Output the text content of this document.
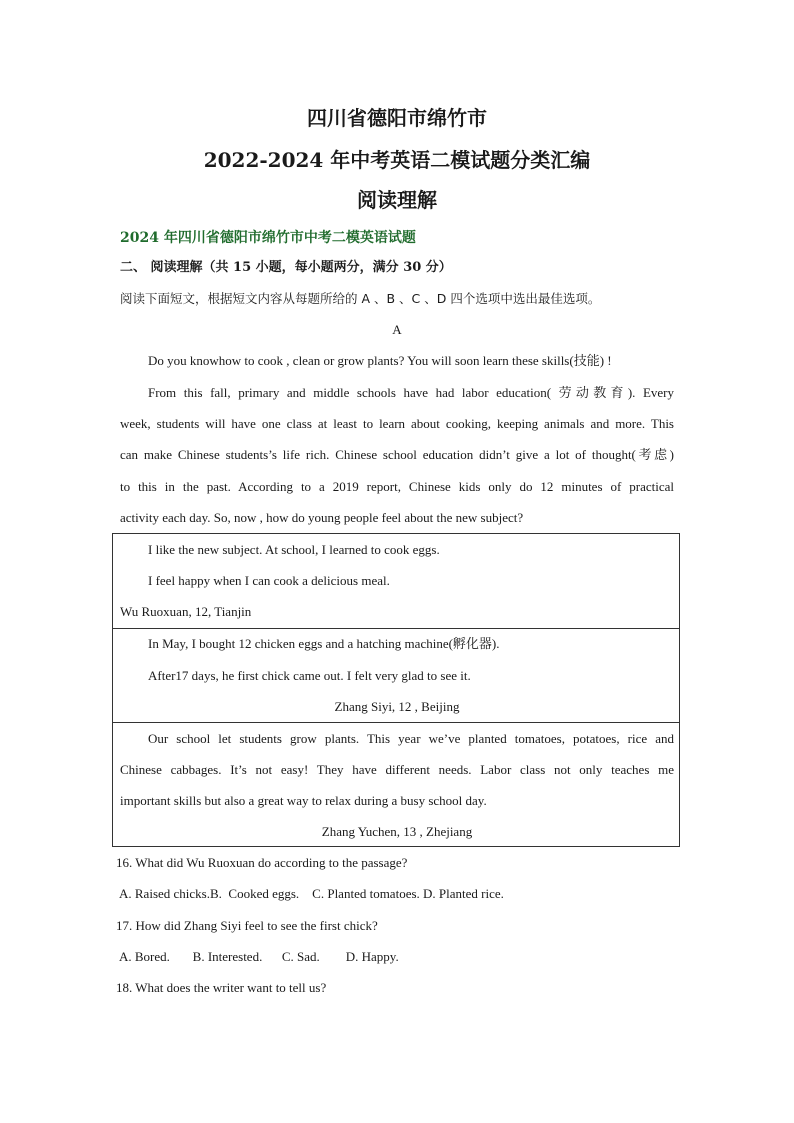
四川省德阳市绵竹市
2022-2024 年中考英语二模试题分类汇编
阅读理解
2024 年四川省德阳市绵竹市中考二模英语试题
二、 阅读理解（共 15 小题，每小题两分，满分 30 分）
阅读下面短文，根据短文内容从每题所给的 A 、B 、C 、D 四个选项中选出最佳选项。
A
Do you knowhow to cook , clean or grow plants? You will soon learn these skills(技能) !
From this fall, primary and middle schools have had labor education( 劳动教育). Every
week, students will have one class at least to learn about cooking, keeping animals and more. This
can make Chinese students’s life rich. Chinese school education didn’t give a lot of thought(考虑)
to this in the past. According to a 2019 report, Chinese kids only do 12 minutes of practical
activity each day. So, now , how do young people feel about the new subject?
I like the new subject. At school, I learned to cook eggs.
I feel happy when I can cook a delicious meal.
Wu Ruoxuan, 12, Tianjin
In May, I bought 12 chicken eggs and a hatching machine(孵化器).
After17 days, he first chick came out. I felt very glad to see it.
Zhang Siyi, 12 , Beijing
Our school let students grow plants. This year we’ve planted tomatoes, potatoes, rice and
Chinese cabbages. It’s not easy! They have different needs. Labor class not only teaches me
important skills but also a great way to relax during a busy school day.
Zhang Yuchen, 13 , Zhejiang
16. What did Wu Ruoxuan do according to the passage?
A. Raised chicks.B.  Cooked eggs.    C. Planted tomatoes. D. Planted rice.
17. How did Zhang Siyi feel to see the first chick?
A. Bored.       B. Interested.      C. Sad.        D. Happy.
18. What does the writer want to tell us?
